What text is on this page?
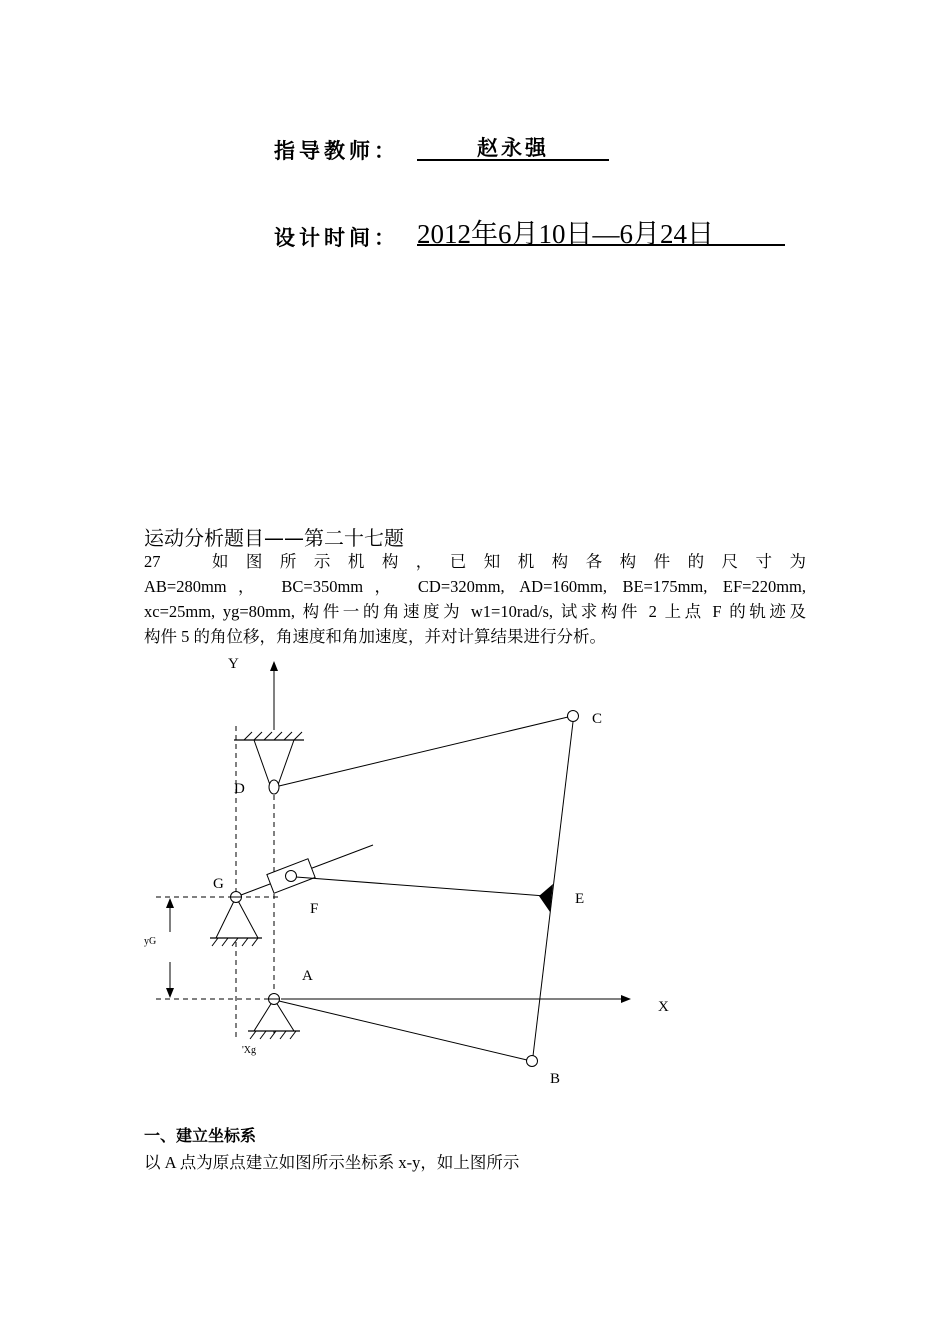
指导教师：	赵永强
设计时间： 2012年6月10日—6月24日
运动分析题目——第二十七题
27　如图所示机构，已知机构各构件的尺寸为
AB=280mm， BC=350mm， CD=320mm, AD=160mm, BE=175mm, EF=220mm,
xc=25mm, yg=80mm, 构件一的角速度为 w1=10rad/s, 试求构件 2 上点 F 的轨迹及
构件 5 的角位移，角速度和角加速度，并对计算结果进行分析。
Y
C
D
G
F
E
yG
A
X
'Xg
B
一、建立坐标系
以 A 点为原点建立如图所示坐标系 x-y，如上图所示
